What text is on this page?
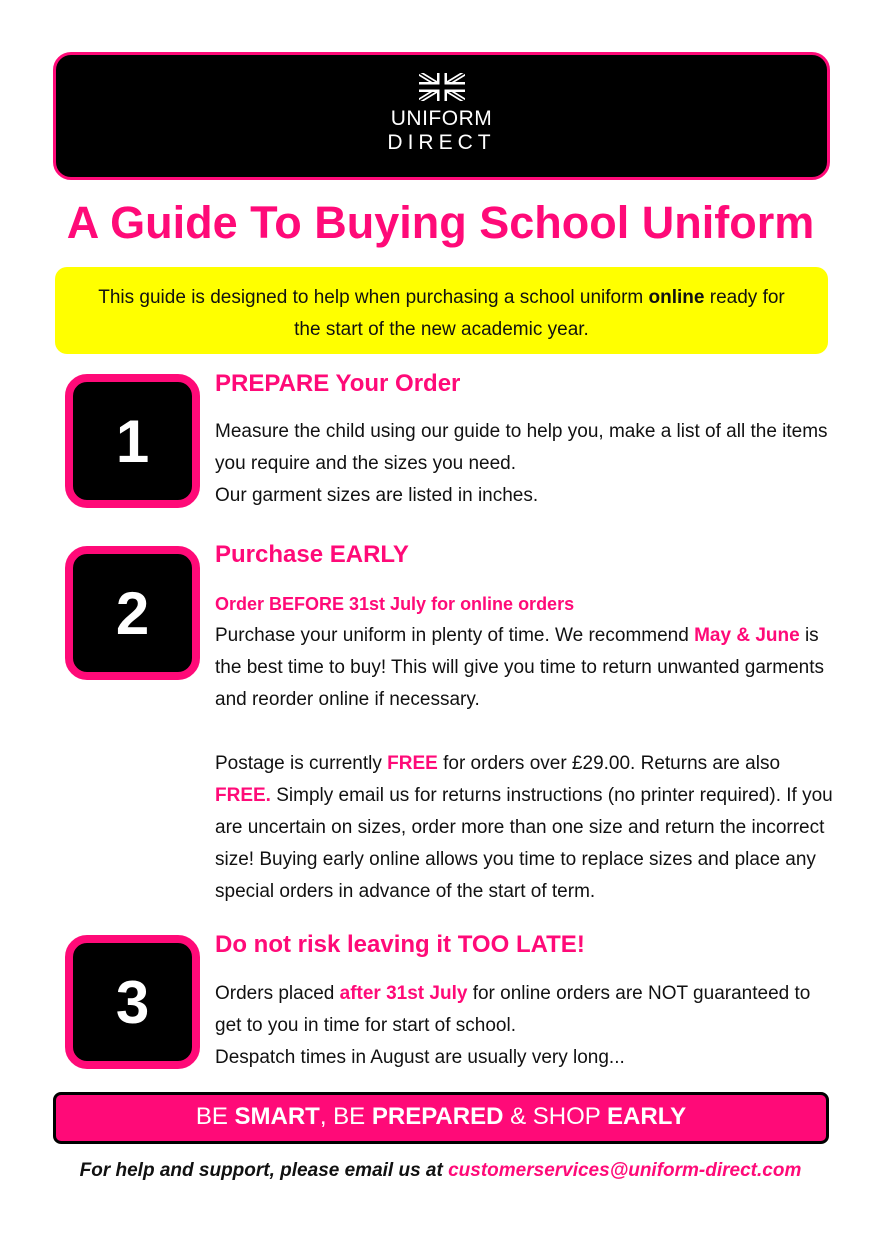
UNIFORM
DIRECT
A Guide To Buying School Uniform
This guide is designed to help when purchasing a school uniform online ready for the start of the new academic year.
1
PREPARE Your Order

Measure the child using our guide to help you, make a list of all the items you require and the sizes you need.

Our garment sizes are listed in inches.

2
Purchase EARLY

Order BEFORE 31st July for online orders

Purchase your uniform in plenty of time. We recommend May & June is the best time to buy! This will give you time to return unwanted garments and reorder online if necessary.

Postage is currently FREE for orders over £29.00. Returns are also FREE. Simply email us for returns instructions (no printer required). If you are uncertain on sizes, order more than one size and return the incorrect size! Buying early online allows you time to replace sizes and place any special orders in advance of the start of term.

3
Do not risk leaving it TOO LATE!

Orders placed after 31st July for online orders are NOT guaranteed to get to you in time for start of school.

Despatch times in August are usually very long...

BE SMART, BE PREPARED & SHOP EARLY
For help and support, please email us at customerservices@uniform-direct.com
